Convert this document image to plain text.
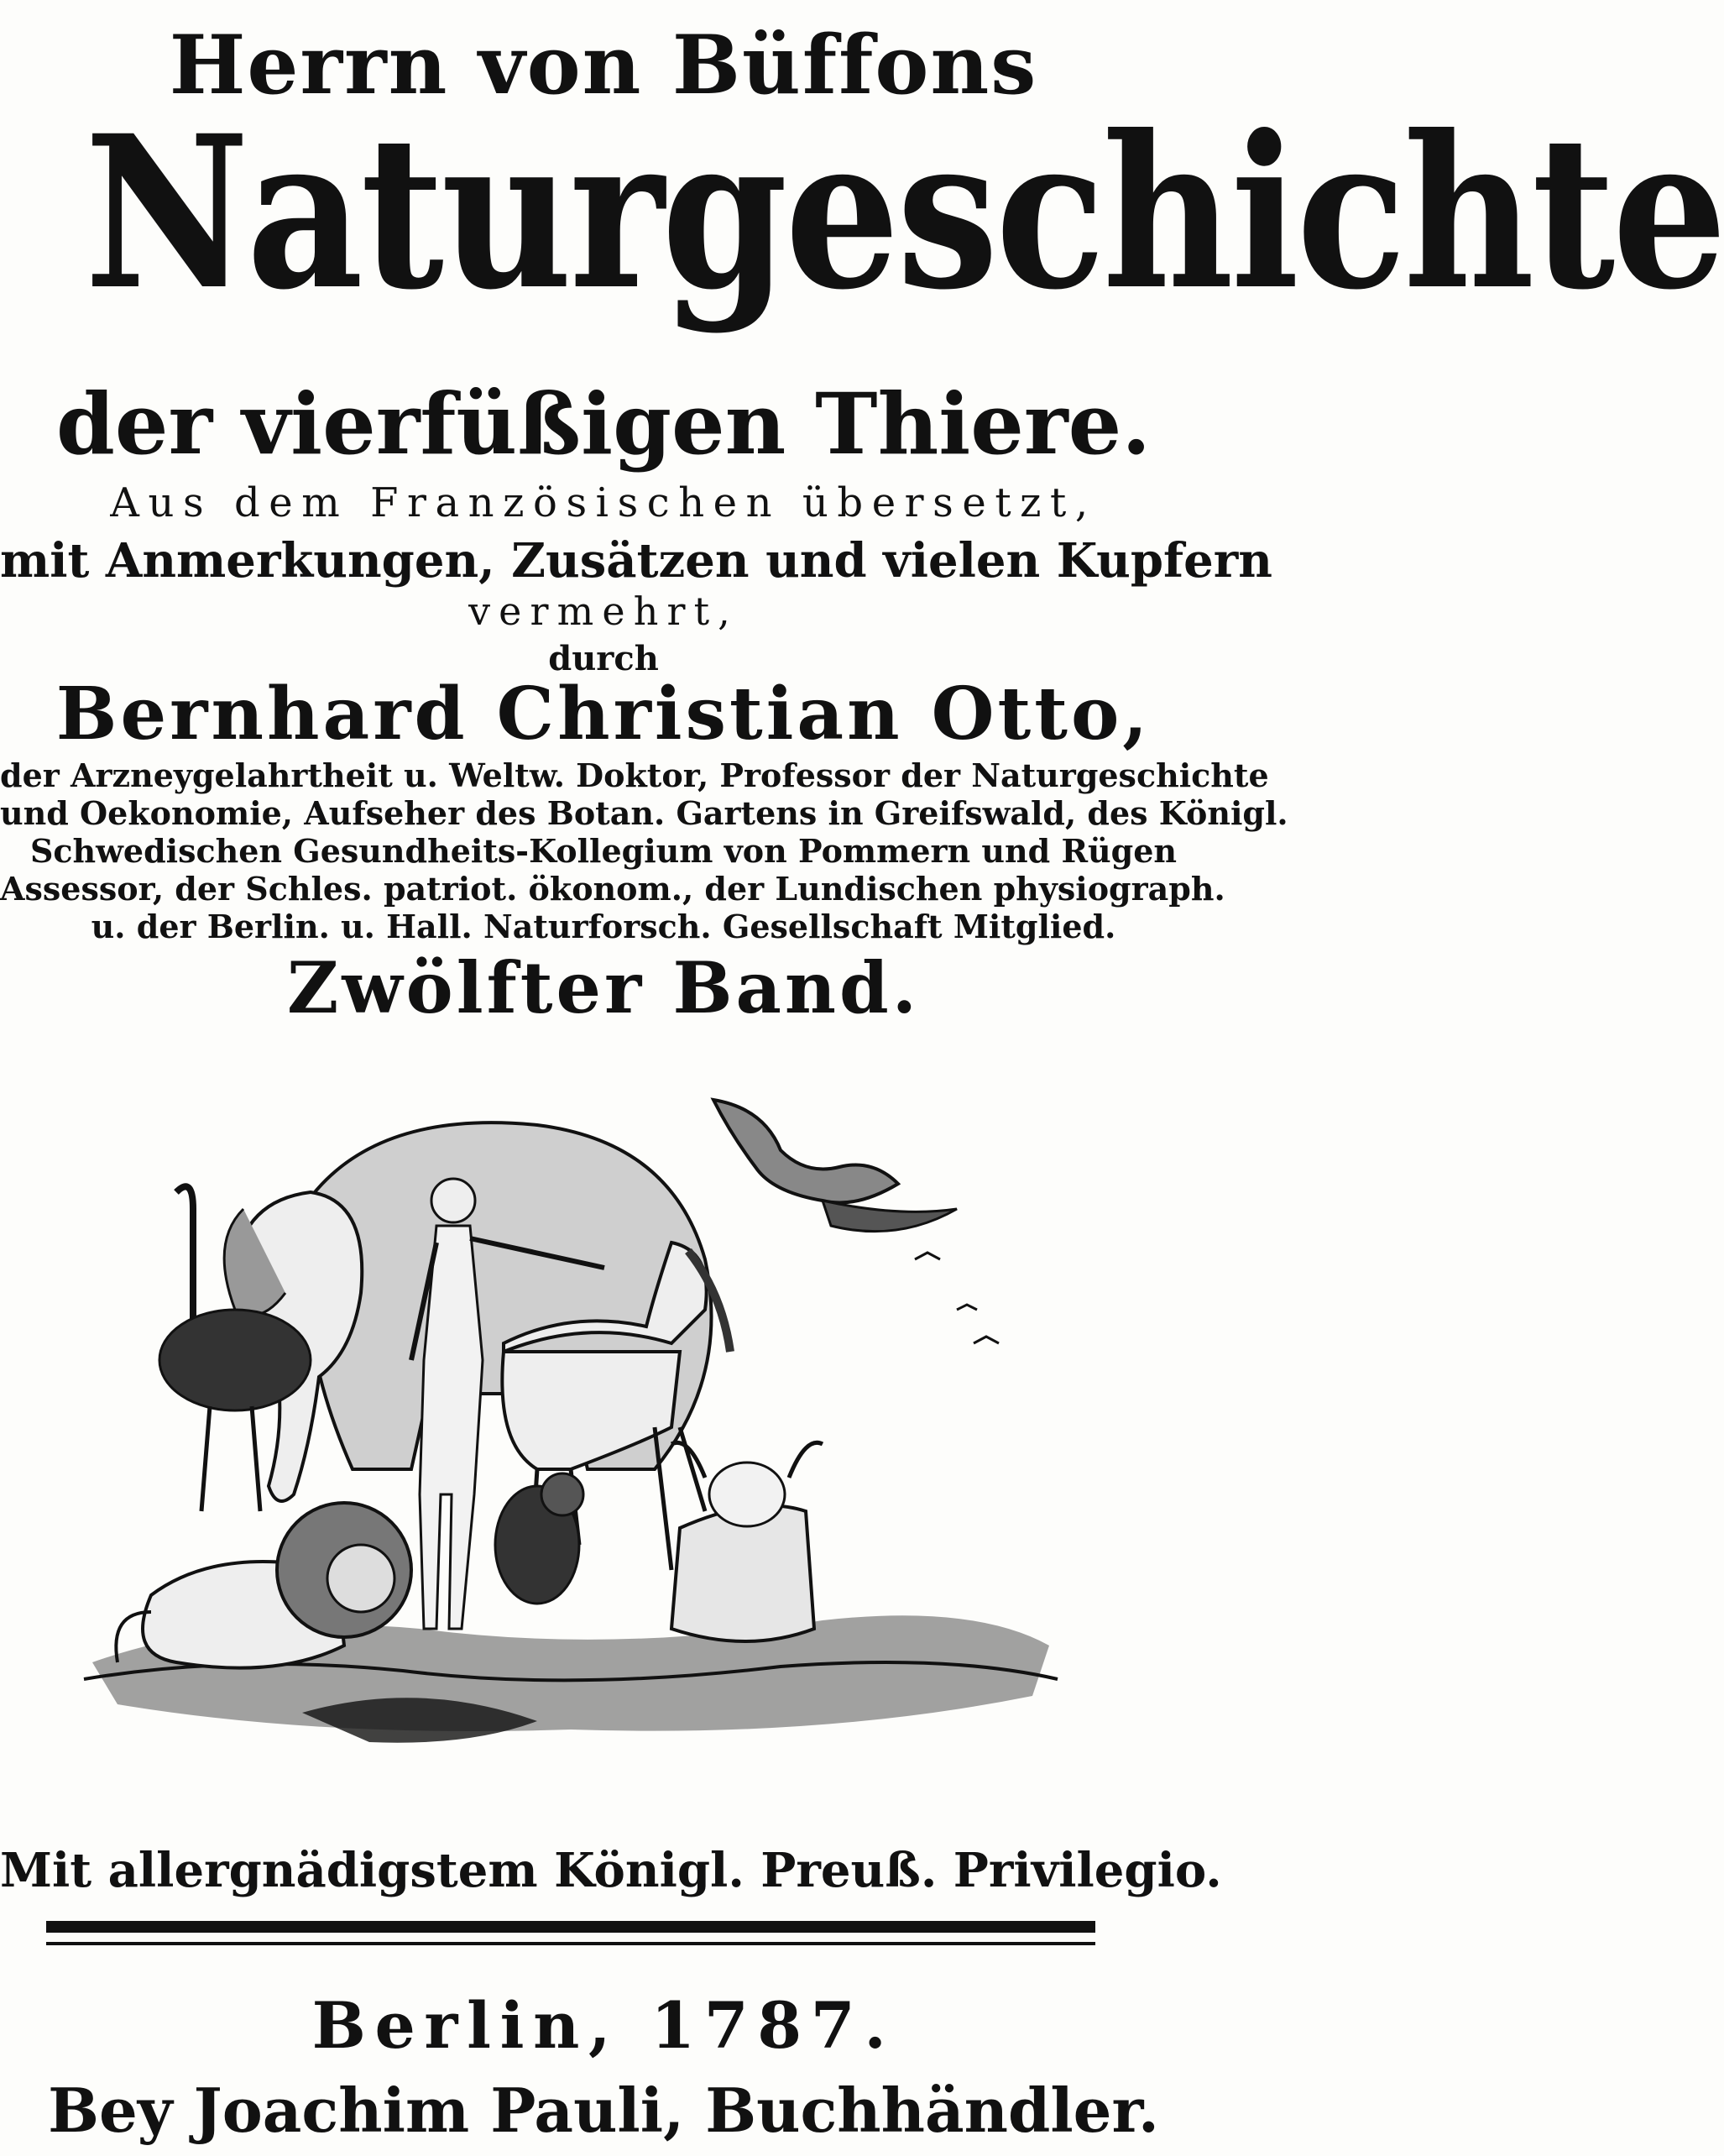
Herrn von Büffons
Naturgeschichte
der vierfüßigen Thiere.
Aus dem Französischen übersetzt,
mit Anmerkungen, Zusätzen und vielen Kupfern
vermehrt,
durch
Bernhard Christian Otto,
der Arzneygelahrtheit u. Weltw. Doktor, Professor der Naturgeschichte
und Oekonomie, Aufseher des Botan. Gartens in Greifswald, des Königl.
Schwedischen Gesundheits-Kollegium von Pommern und Rügen
Assessor, der Schles. patriot. ökonom., der Lundischen physiograph.
u. der Berlin. u. Hall. Naturforsch. Gesellschaft Mitglied.
Zwölfter Band.
Mit allergnädigstem Königl. Preuß. Privilegio.
Berlin, 1787.
Bey Joachim Pauli, Buchhändler.
